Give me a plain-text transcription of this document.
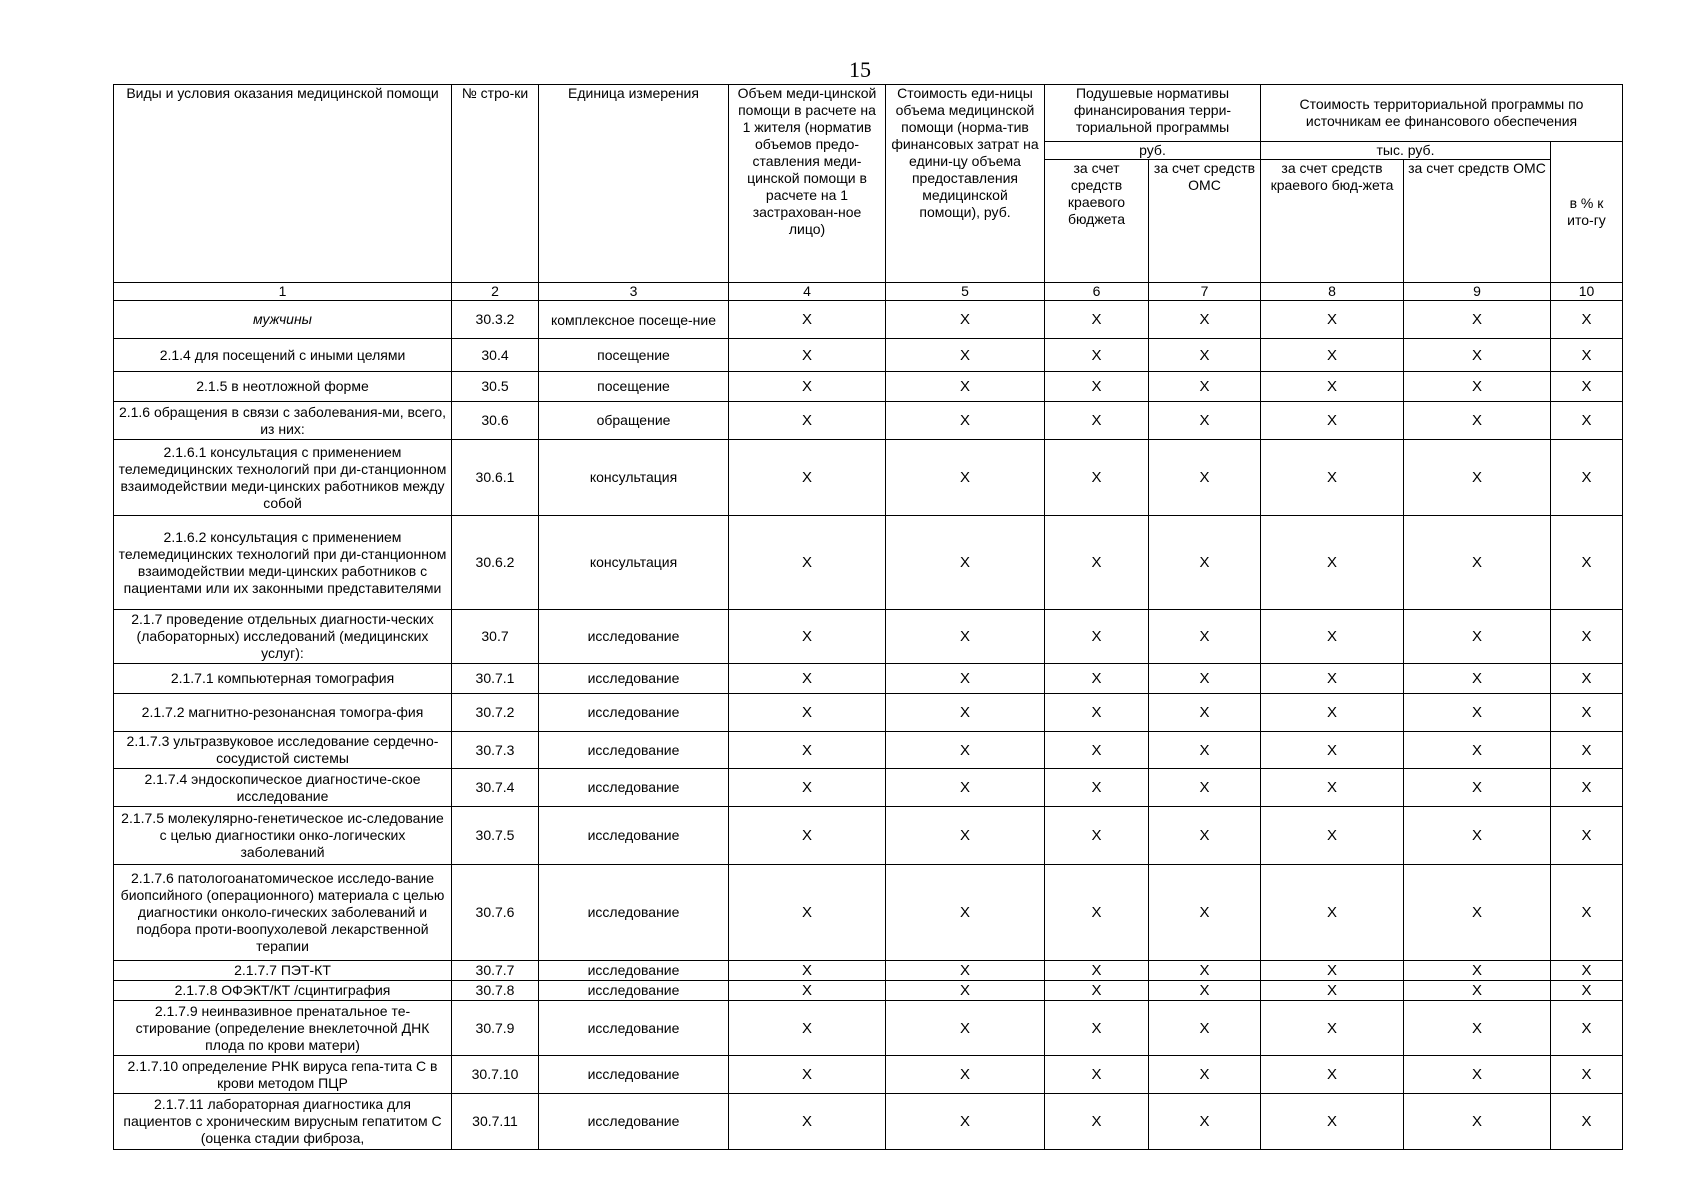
15
Виды и условия оказания медицинской помощи	№ стро-ки	Единица измерения	Объем меди-цинской помощи в расчете на 1 жителя (норматив объемов предо-ставления меди-цинской помощи в расчете на 1 застрахован-ное лицо)	Стоимость еди-ницы объема медицинской помощи (норма-тив финансовых затрат на едини-цу объема предоставления медицинской помощи), руб.	Подушевые нормативы финансирования терри-ториальной программы		Стоимость территориальной программы по источникам ее финансового обеспечения		
					руб.		тыс. руб.		в % к ито-гу
					за счет средств краевого бюджета	за счет средств ОМС	за счет средств краевого бюд-жета	за счет средств ОМС	
1	2	3	4	5	6	7	8	9	10
мужчины	30.3.2	комплексное посеще-ние	X	X	X	X	X	X	X
2.1.4 для посещений с иными целями	30.4	посещение	X	X	X	X	X	X	X
2.1.5 в неотложной форме	30.5	посещение	X	X	X	X	X	X	X
2.1.6 обращения в связи с заболевания-ми, всего, из них:	30.6	обращение	X	X	X	X	X	X	X
2.1.6.1 консультация с применением телемедицинских технологий при ди-станционном взаимодействии меди-цинских работников между собой	30.6.1	консультация	X	X	X	X	X	X	X
2.1.6.2 консультация с применением телемедицинских технологий при ди-станционном взаимодействии меди-цинских работников с пациентами или их законными представителями	30.6.2	консультация	X	X	X	X	X	X	X
2.1.7 проведение отдельных диагности-ческих (лабораторных) исследований (медицинских услуг):	30.7	исследование	X	X	X	X	X	X	X
2.1.7.1 компьютерная томография	30.7.1	исследование	X	X	X	X	X	X	X
2.1.7.2 магнитно-резонансная томогра-фия	30.7.2	исследование	X	X	X	X	X	X	X
2.1.7.3 ультразвуковое исследование сердечно-сосудистой системы	30.7.3	исследование	X	X	X	X	X	X	X
2.1.7.4 эндоскопическое диагностиче-ское исследование	30.7.4	исследование	X	X	X	X	X	X	X
2.1.7.5 молекулярно-генетическое ис-следование с целью диагностики онко-логических заболеваний	30.7.5	исследование	X	X	X	X	X	X	X
2.1.7.6 патологоанатомическое исследо-вание биопсийного (операционного) материала с целью диагностики онколо-гических заболеваний и подбора проти-воопухолевой лекарственной терапии	30.7.6	исследование	X	X	X	X	X	X	X
2.1.7.7 ПЭТ-КТ	30.7.7	исследование	X	X	X	X	X	X	X
2.1.7.8 ОФЭКТ/КТ /сцинтиграфия	30.7.8	исследование	X	X	X	X	X	X	X
2.1.7.9 неинвазивное пренатальное те-стирование (определение внеклеточной ДНК плода по крови матери)	30.7.9	исследование	X	X	X	X	X	X	X
2.1.7.10 определение РНК вируса гепа-тита С в крови методом ПЦР	30.7.10	исследование	X	X	X	X	X	X	X
2.1.7.11 лабораторная диагностика для пациентов с хроническим вирусным гепатитом С (оценка стадии фиброза,	30.7.11	исследование	X	X	X	X	X	X	X
